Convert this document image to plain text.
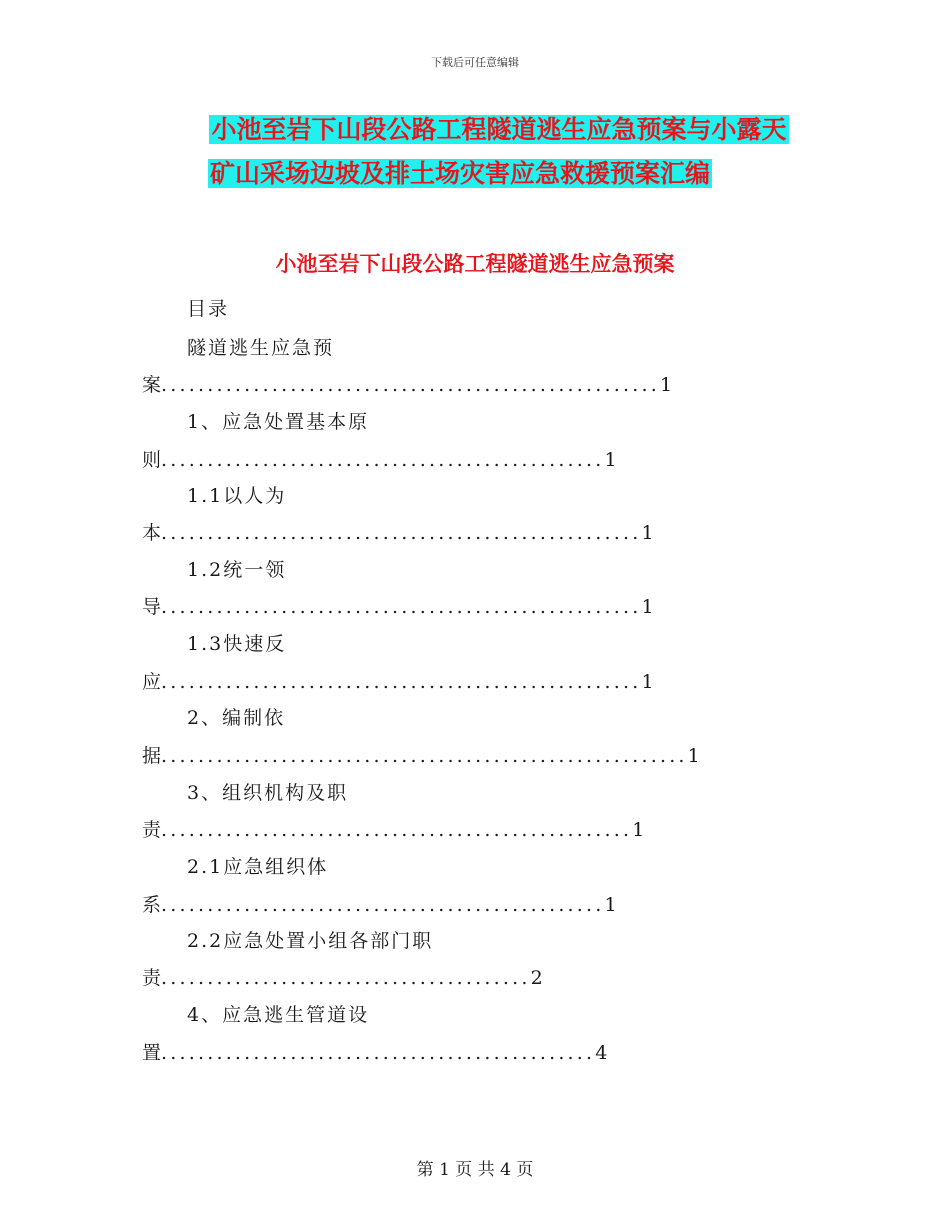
下载后可任意编辑
小池至岩下山段公路工程隧道逃生应急预案与小露天
矿山采场边坡及排土场灾害应急救援预案汇编
小池至岩下山段公路工程隧道逃生应急预案
目录
隧道逃生应急预
案......................................................1
1、应急处置基本原
则................................................1
1.1以人为
本....................................................1
1.2统一领
导....................................................1
1.3快速反
应....................................................1
2、编制依
据.........................................................1
3、组织机构及职
责...................................................1
2.1应急组织体
系................................................1
2.2应急处置小组各部门职
责........................................2
4、应急逃生管道设
置...............................................4
第 1 页 共 4 页
